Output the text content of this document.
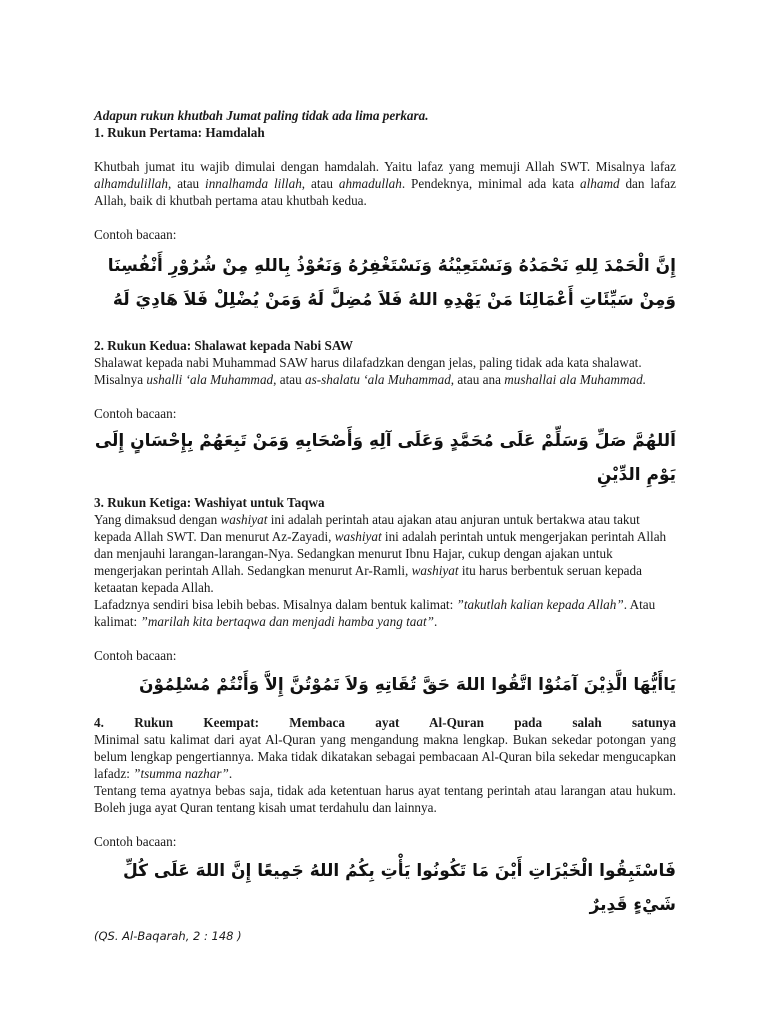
Adapun rukun khutbah Jumat paling tidak ada lima perkara.

1. Rukun Pertama: Hamdalah

Khutbah jumat itu wajib dimulai dengan hamdalah. Yaitu lafaz yang memuji Allah SWT. Misalnya lafaz alhamdulillah, atau innalhamda lillah, atau ahmadullah. Pendeknya, minimal ada kata alhamd dan lafaz Allah, baik di khutbah pertama atau khutbah kedua.

Contoh bacaan:

إِنَّ الْحَمْدَ لِلهِ نَحْمَدُهُ وَنَسْتَعِيْنُهُ وَنَسْتَغْفِرُهُ وَنَعُوْذُ بِاللهِ مِنْ شُرُوْرِ أَنْفُسِنَا وَمِنْ سَيِّئَاتِ أَعْمَالِنَا مَنْ يَهْدِهِ اللهُ فَلاَ مُضِلَّ لَهُ وَمَنْ يُضْلِلْ فَلاَ هَادِيَ لَهُ

2. Rukun Kedua: Shalawat kepada Nabi SAW

Shalawat kepada nabi Muhammad SAW harus dilafadzkan dengan jelas, paling tidak ada kata shalawat. Misalnya ushalli ‘ala Muhammad, atau as-shalatu ‘ala Muhammad, atau ana mushallai ala Muhammad.

Contoh bacaan:

اَللهُمَّ صَلِّ وَسَلِّمْ عَلَى مُحَمَّدٍ وَعَلَى آلِهِ وَأَصْحَابِهِ وَمَنْ تَبِعَهُمْ بِإِحْسَانٍ إِلَى يَوْمِ الدِّيْنِ

3. Rukun Ketiga: Washiyat untuk Taqwa

Yang dimaksud dengan washiyat ini adalah perintah atau ajakan atau anjuran untuk bertakwa atau takut kepada Allah SWT. Dan menurut Az-Zayadi, washiyat ini adalah perintah untuk mengerjakan perintah Allah dan menjauhi larangan-larangan-Nya. Sedangkan menurut Ibnu Hajar, cukup dengan ajakan untuk mengerjakan perintah Allah. Sedangkan menurut Ar-Ramli, washiyat itu harus berbentuk seruan kepada ketaatan kepada Allah.
Lafadznya sendiri bisa lebih bebas. Misalnya dalam bentuk kalimat: ”takutlah kalian kepada Allah”. Atau kalimat: ”marilah kita bertaqwa dan menjadi hamba yang taat”.

Contoh bacaan:

يَاأَيُّهَا الَّذِيْنَ آمَنُوْا اتَّقُوا اللهَ حَقَّ تُقَاتِهِ وَلاَ تَمُوْتُنَّ إِلاَّ وَأَنْتُمْ مُسْلِمُوْنَ

4. Rukun Keempat: Membaca ayat Al-Quran pada salah satunya

Minimal satu kalimat dari ayat Al-Quran yang mengandung makna lengkap. Bukan sekedar potongan yang belum lengkap pengertiannya. Maka tidak dikatakan sebagai pembacaan Al-Quran bila sekedar mengucapkan lafadz: ”tsumma nazhar”.
Tentang tema ayatnya bebas saja, tidak ada ketentuan harus ayat tentang perintah atau larangan atau hukum. Boleh juga ayat Quran tentang kisah umat terdahulu dan lainnya.

Contoh bacaan:

فَاسْتَبِقُوا الْخَيْرَاتِ أَيْنَ مَا تَكُونُوا يَأْتِ بِكُمُ اللهُ جَمِيعًا إِنَّ اللهَ عَلَى كُلِّ شَيْءٍ قَدِيرٌ

(QS. Al-Baqarah, 2 : 148 )
